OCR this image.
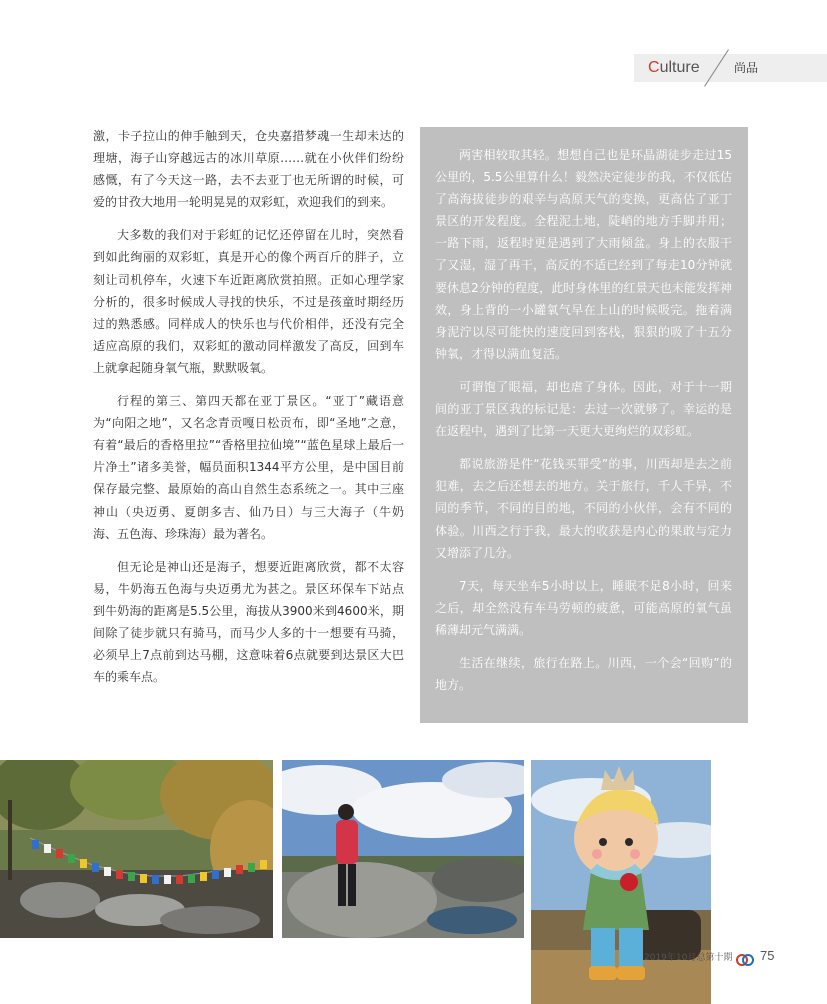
Culture	尚品

激，卡子拉山的伸手触到天，仓央嘉措梦魂一生却未达的理塘，海子山穿越远古的冰川草原……就在小伙伴们纷纷感慨，有了今天这一路，去不去亚丁也无所谓的时候，可爱的甘孜大地用一轮明晃晃的双彩虹，欢迎我们的到来。

大多数的我们对于彩虹的记忆还停留在儿时，突然看到如此绚丽的双彩虹，真是开心的像个两百斤的胖子，立刻让司机停车，火速下车近距离欣赏拍照。正如心理学家分析的，很多时候成人寻找的快乐，不过是孩童时期经历过的熟悉感。同样成人的快乐也与代价相伴，还没有完全适应高原的我们，双彩虹的激动同样激发了高反，回到车上就拿起随身氧气瓶，默默吸氧。

行程的第三、第四天都在亚丁景区。“亚丁”藏语意为“向阳之地”，又名念青贡嘎日松贡布，即“圣地”之意，有着“最后的香格里拉”“香格里拉仙境”“蓝色星球上最后一片净土”诸多美誉，幅员面积1344平方公里，是中国目前保存最完整、最原始的高山自然生态系统之一。其中三座神山（央迈勇、夏朗多吉、仙乃日）与三大海子（牛奶海、五色海、珍珠海）最为著名。

但无论是神山还是海子，想要近距离欣赏，都不太容易，牛奶海五色海与央迈勇尤为甚之。景区环保车下站点到牛奶海的距离是5.5公里，海拔从3900米到4600米，期间除了徒步就只有骑马，而马少人多的十一想要有马骑，必须早上7点前到达马棚，这意味着6点就要到达景区大巴车的乘车点。

两害相较取其轻。想想自己也是环晶湖徒步走过15公里的，5.5公里算什么！毅然决定徒步的我，不仅低估了高海拔徒步的艰辛与高原天气的变换，更高估了亚丁景区的开发程度。全程泥土地，陡峭的地方手脚并用；一路下雨，返程时更是遇到了大雨倾盆。身上的衣服干了又湿，湿了再干，高反的不适已经到了每走10分钟就要休息2分钟的程度，此时身体里的红景天也未能发挥神效，身上背的一小罐氧气早在上山的时候吸完。拖着满身泥泞以尽可能快的速度回到客栈，狠狠的吸了十五分钟氧，才得以满血复活。

可谓饱了眼福，却也虐了身体。因此，对于十一期间的亚丁景区我的标记是：去过一次就够了。幸运的是在返程中，遇到了比第一天更大更绚烂的双彩虹。

都说旅游是件“花钱买罪受”的事，川西却是去之前犯难，去之后还想去的地方。关于旅行，千人千异，不同的季节，不同的目的地，不同的小伙伴，会有不同的体验。川西之行于我，最大的收获是内心的果敢与定力又增添了几分。

7天，每天坐车5小时以上，睡眠不足8小时，回来之后，却全然没有车马劳顿的疲惫，可能高原的氧气虽稀薄却元气满满。

生活在继续，旅行在路上。川西，一个会“回购”的地方。

2019年10月总第十期 75
